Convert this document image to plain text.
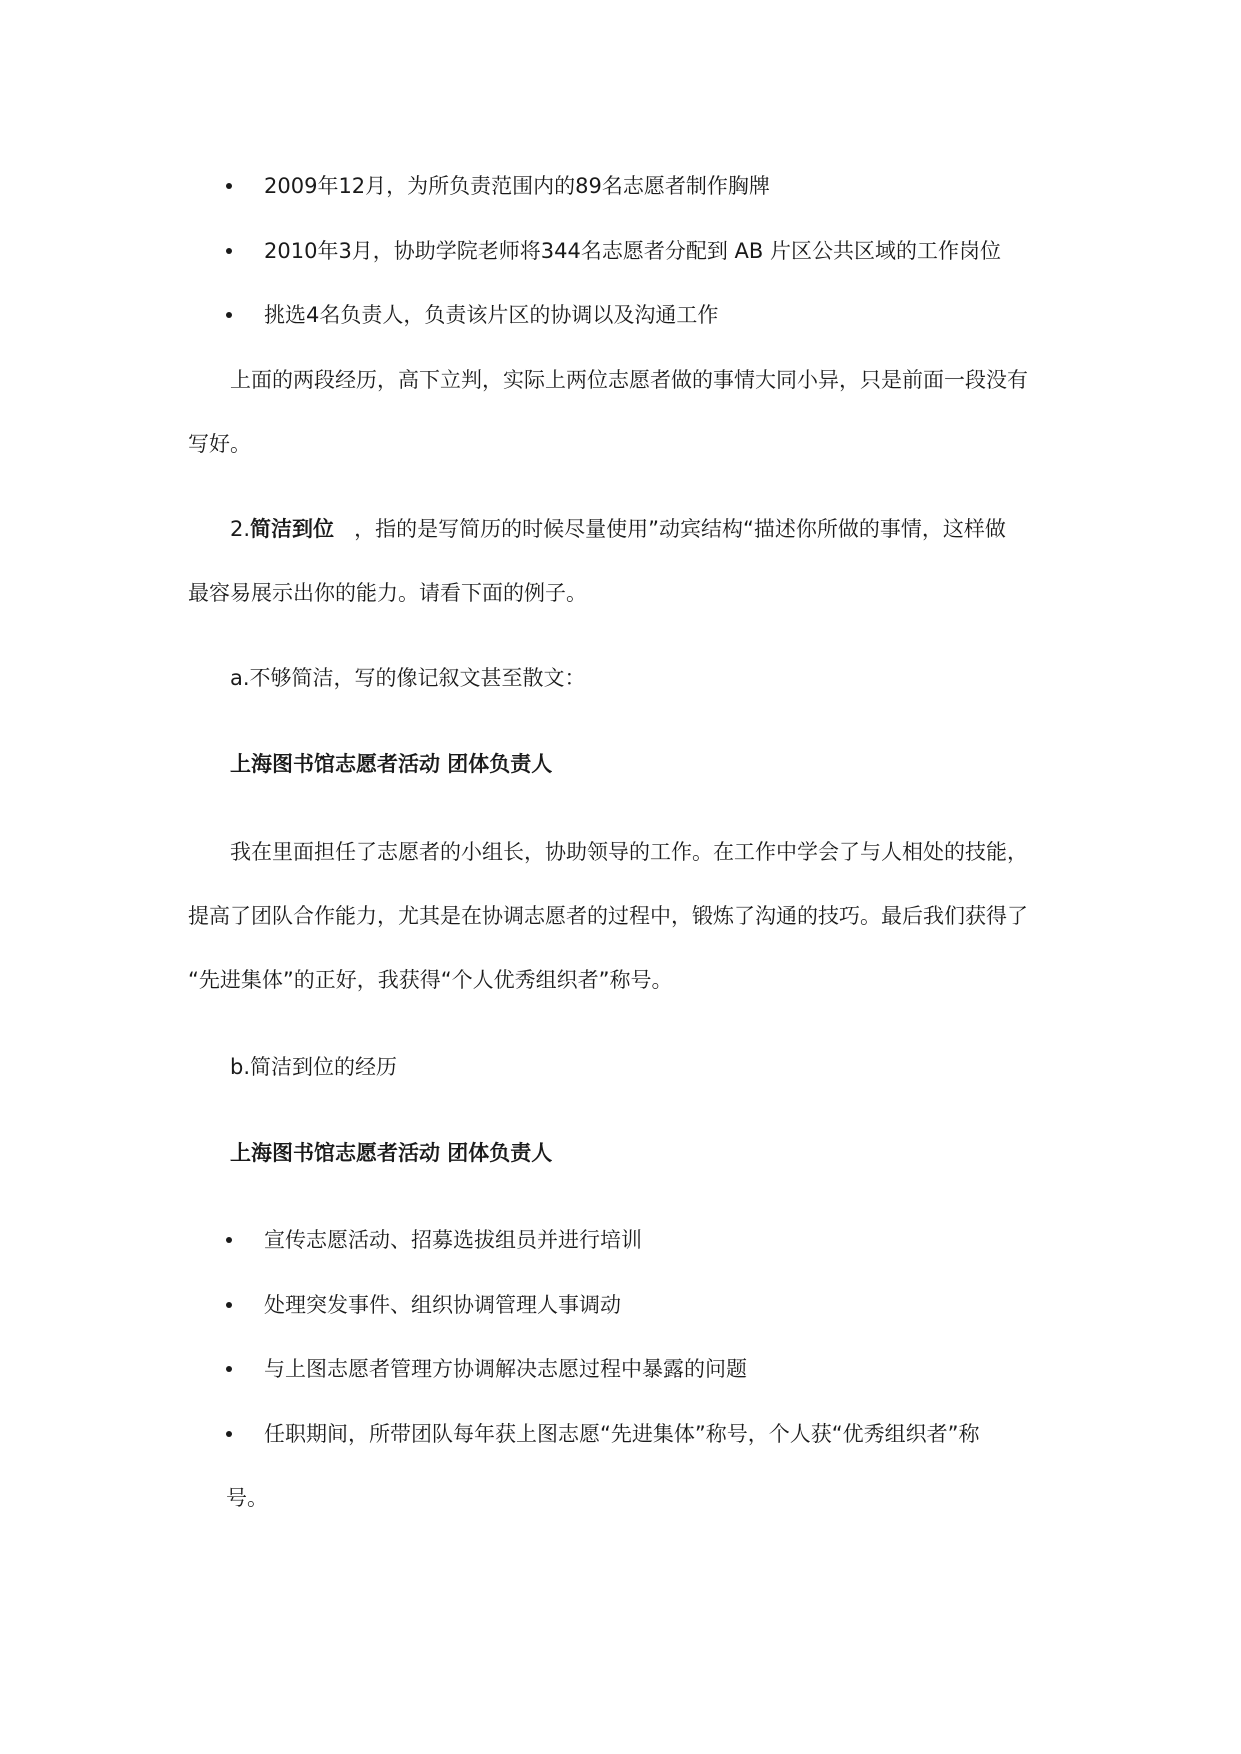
2009年12月，为所负责范围内的89名志愿者制作胸牌
2010年3月，协助学院老师将344名志愿者分配到 AB 片区公共区域的工作岗位
挑选4名负责人，负责该片区的协调以及沟通工作
上面的两段经历，高下立判，实际上两位志愿者做的事情大同小异，只是前面一段没有
写好。
2.简洁到位 ，指的是写简历的时候尽量使用”动宾结构“描述你所做的事情，这样做
最容易展示出你的能力。请看下面的例子。
a.不够简洁，写的像记叙文甚至散文：
上海图书馆志愿者活动 团体负责人
我在里面担任了志愿者的小组长，协助领导的工作。在工作中学会了与人相处的技能，
提高了团队合作能力，尤其是在协调志愿者的过程中，锻炼了沟通的技巧。最后我们获得了
“先进集体”的正好，我获得“个人优秀组织者”称号。
b.简洁到位的经历
上海图书馆志愿者活动 团体负责人
宣传志愿活动、招募选拔组员并进行培训
处理突发事件、组织协调管理人事调动
与上图志愿者管理方协调解决志愿过程中暴露的问题
任职期间，所带团队每年获上图志愿“先进集体”称号，个人获“优秀组织者”称
号。
